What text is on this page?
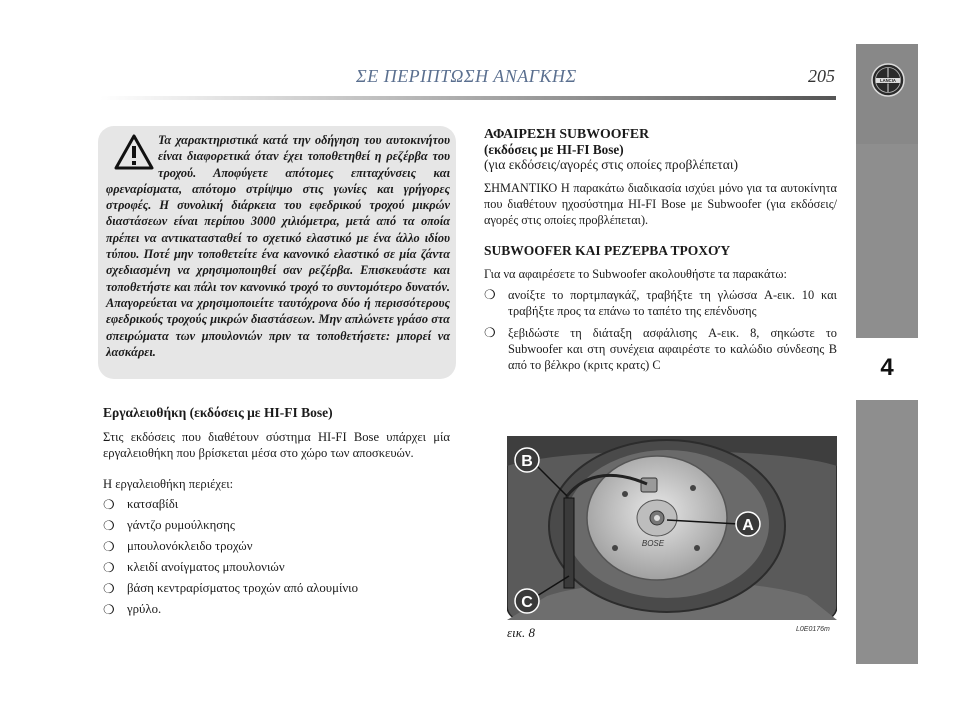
ΣΕ ΠΕΡΙΠΤΩΣΗ ΑΝΑΓΚΗΣ	205	LANCIA
4

Τα χαρακτηριστικά κατά την οδήγηση του αυτοκινήτου είναι διαφορετικά όταν έχει τοποθετηθεί η ρεζέρβα του τροχού. Αποφύγετε απότομες επιταχύνσεις και φρεναρίσματα, απότομο στρίψιμο στις γωνίες και γρήγορες στροφές. Η συνολική διάρκεια του εφεδρικού τροχού μικρών διαστάσεων είναι περίπου 3000 χιλιόμετρα, μετά από τα οποία πρέπει να αντικατασταθεί το σχετικό ελαστικό με ένα άλλο ιδίου τύπου. Ποτέ μην τοποθετείτε ένα κανονικό ελαστικό σε μία ζάντα σχεδιασμένη να χρησιμοποιηθεί σαν ρεζέρβα. Επισκευάστε και τοποθετήστε και πάλι τον κανονικό τροχό το συντομότερο δυνατόν. Απαγορεύεται να χρησιμοποιείτε ταυτόχρονα δύο ή περισσότερους εφεδρικούς τροχούς μικρών διαστάσεων. Μην απλώνετε γράσο στα σπειρώματα των μπουλονιών πριν τα τοποθετήσετε: μπορεί να λασκάρει.

Εργαλειοθήκη (εκδόσεις με HI-FI Bose)

Στις εκδόσεις που διαθέτουν σύστημα HI-FI Bose υπάρχει μία εργαλειοθήκη που βρίσκεται μέσα στο χώρο των αποσκευών.

Η εργαλειοθήκη περιέχει:

❍ κατσαβίδι
❍ γάντζο ρυμούλκησης
❍ μπουλονόκλειδο τροχών
❍ κλειδί ανοίγματος μπουλονιών
❍ βάση κεντραρίσματος τροχών από αλουμίνιο
❍ γρύλο.
ΑΦΑΙΡΕΣΗ SUBWOOFER
(εκδόσεις με HI-FI Bose)
(για εκδόσεις/αγορές στις οποίες προβλέπεται)

ΣΗΜΑΝΤΙΚΟ Η παρακάτω διαδικασία ισχύει μόνο για τα αυτοκίνητα που διαθέτουν ηχοσύστημα HI-FI Bose με Subwoofer (για εκδόσεις/αγορές στις οποίες προβλέπεται).

SUBWOOFER ΚΑΙ ΡΕΖΈΡΒΑ ΤΡΟΧΟΎ

Για να αφαιρέσετε το Subwoofer ακολουθήστε τα παρακάτω:

❍ ανοίξτε το πορτμπαγκάζ, τραβήξτε τη γλώσσα A-εικ. 10 και τραβήξτε προς τα επάνω το ταπέτο της επένδυσης
❍ ξεβιδώστε τη διάταξη ασφάλισης A-εικ. 8, σηκώστε το Subwoofer και στη συνέχεια αφαιρέστε το καλώδιο σύνδεσης B από το βέλκρο (κριτς κρατς) C
BOSE
A
B
C
εικ. 8	L0E0176m
